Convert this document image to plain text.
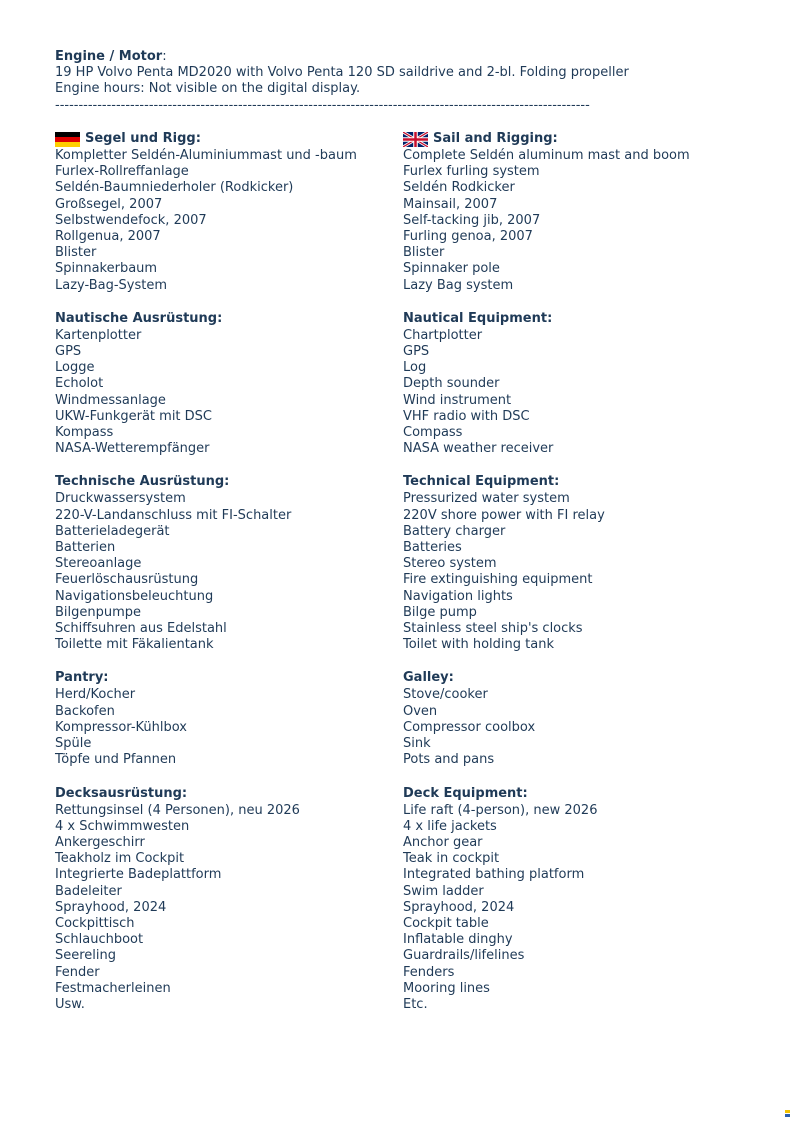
Engine / Motor:
19 HP Volvo Penta MD2020 with Volvo Penta 120 SD saildrive and 2-bl. Folding propeller
Engine hours: Not visible on the digital display.
------------------------------------------------------------------------------------------------------------------
Segel und Rigg:
Kompletter Seldén-Aluminiummast und -baum
Furlex-Rollreffanlage
Seldén-Baumniederholer (Rodkicker)
Großsegel, 2007
Selbstwendefock, 2007
Rollgenua, 2007
Blister
Spinnakerbaum
Lazy-Bag-System
Nautische Ausrüstung:
Kartenplotter
GPS
Logge
Echolot
Windmessanlage
UKW-Funkgerät mit DSC
Kompass
NASA-Wetterempfänger
Technische Ausrüstung:
Druckwassersystem
220-V-Landanschluss mit FI-Schalter
Batterieladegerät
Batterien
Stereoanlage
Feuerlöschausrüstung
Navigationsbeleuchtung
Bilgenpumpe
Schiffsuhren aus Edelstahl
Toilette mit Fäkalientank
Pantry:
Herd/Kocher
Backofen
Kompressor-Kühlbox
Spüle
Töpfe und Pfannen
Decksausrüstung:
Rettungsinsel (4 Personen), neu 2026
4 x Schwimmwesten
Ankergeschirr
Teakholz im Cockpit
Integrierte Badeplattform
Badeleiter
Sprayhood, 2024
Cockpittisch
Schlauchboot
Seereling
Fender
Festmacherleinen
Usw.
Sail and Rigging:
Complete Seldén aluminum mast and boom
Furlex furling system
Seldén Rodkicker
Mainsail, 2007
Self-tacking jib, 2007
Furling genoa, 2007
Blister
Spinnaker pole
Lazy Bag system
Nautical Equipment:
Chartplotter
GPS
Log
Depth sounder
Wind instrument
VHF radio with DSC
Compass
NASA weather receiver
Technical Equipment:
Pressurized water system
220V shore power with FI relay
Battery charger
Batteries
Stereo system
Fire extinguishing equipment
Navigation lights
Bilge pump
Stainless steel ship's clocks
Toilet with holding tank
Galley:
Stove/cooker
Oven
Compressor coolbox
Sink
Pots and pans
Deck Equipment:
Life raft (4-person), new 2026
4 x life jackets
Anchor gear
Teak in cockpit
Integrated bathing platform
Swim ladder
Sprayhood, 2024
Cockpit table
Inflatable dinghy
Guardrails/lifelines
Fenders
Mooring lines
Etc.
